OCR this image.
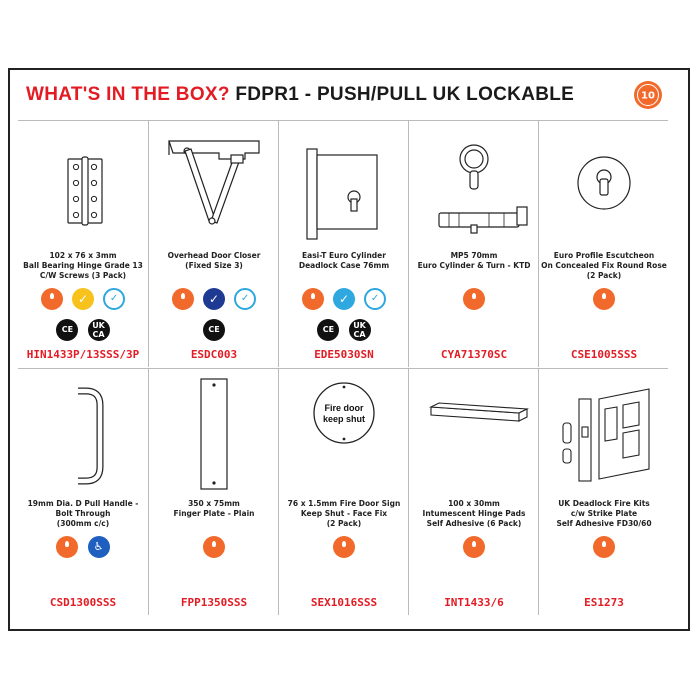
WHAT'S IN THE BOX? FDPR1 - PUSH/PULL UK LOCKABLE	10
102 x 76 x 3mm
Ball Bearing Hinge Grade 13
C/W Screws (3 Pack)

✓
	✓
CE UK
CA
HIN1433P/13SSS/3P
Overhead Door Closer
(Fixed Size 3)

✓
	✓
CE
ESDC003
Easi-T Euro Cylinder
Deadlock Case 76mm

✓
	✓
CE UK
CA
EDE5030SN
MP5 70mm
Euro Cylinder & Turn - KTD
CYA71370SC
Euro Profile Escutcheon
On Concealed Fix Round Rose
(2 Pack)
CSE1005SSS
19mm Dia. D Pull Handle -
Bolt Through
(300mm c/c)

♿
CSD1300SSS
350 x 75mm
Finger Plate - Plain
FPP1350SSS
Fire door
keep shut
76 x 1.5mm Fire Door Sign
Keep Shut - Face Fix
(2 Pack)
SEX1016SSS
100 x 30mm
Intumescent Hinge Pads
Self Adhesive (6 Pack)
INT1433/6
UK Deadlock Fire Kits
c/w Strike Plate
Self Adhesive FD30/60
ES1273
